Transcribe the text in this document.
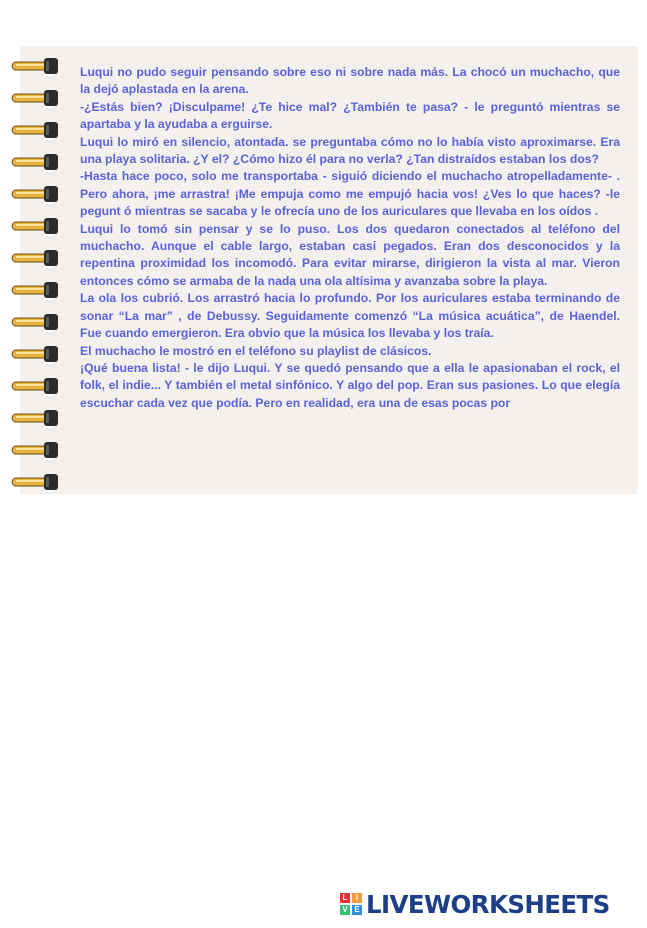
Luqui no pudo seguir pensando sobre eso ni sobre nada más. La chocó un muchacho, que la dejó aplastada en la arena.

-¿Estás bien? ¡Disculpame! ¿Te hice mal? ¿También te pasa? - le preguntó mientras se apartaba y la ayudaba a erguirse.

Luqui lo miró en silencio, atontada. se preguntaba cómo no lo había visto aproximarse. Era una playa solitaria. ¿Y el? ¿Cómo hizo él para no verla? ¿Tan distraídos estaban los dos?

-Hasta hace poco, solo me transportaba - siguió diciendo el muchacho atropelladamente- . Pero ahora, ¡me arrastra! ¡Me empuja como me empujó hacia vos! ¿Ves lo que haces? -le pegunt ó mientras se sacaba y le ofrecía uno de los auriculares que llevaba en los oídos .

Luqui lo tomó sin pensar y se lo puso. Los dos quedaron conectados al teléfono del muchacho. Aunque el cable largo, estaban casi pegados. Eran dos desconocidos y la repentina proximidad los incomodó. Para evitar mirarse, dirigieron la vista al mar. Vieron entonces cómo se armaba de la nada una ola altísima y avanzaba sobre la playa.

La ola los cubrió. Los arrastró hacia lo profundo. Por los auriculares estaba terminando de sonar “La mar” , de Debussy. Seguidamente comenzó “La música acuática”, de Haendel. Fue cuando emergieron. Era obvio que la música los llevaba y los traía.

El muchacho le mostró en el teléfono su playlist de clásicos.

¡Qué buena lista! - le dijo Luqui. Y se quedó pensando que a ella le apasionaban el rock, el folk, el indie... Y también el metal sinfónico. Y algo del pop. Eran sus pasiones. Lo que elegía escuchar cada vez que podía. Pero en realidad, era una de esas pocas por

L	I
V E LIVEWORKSHEETS
